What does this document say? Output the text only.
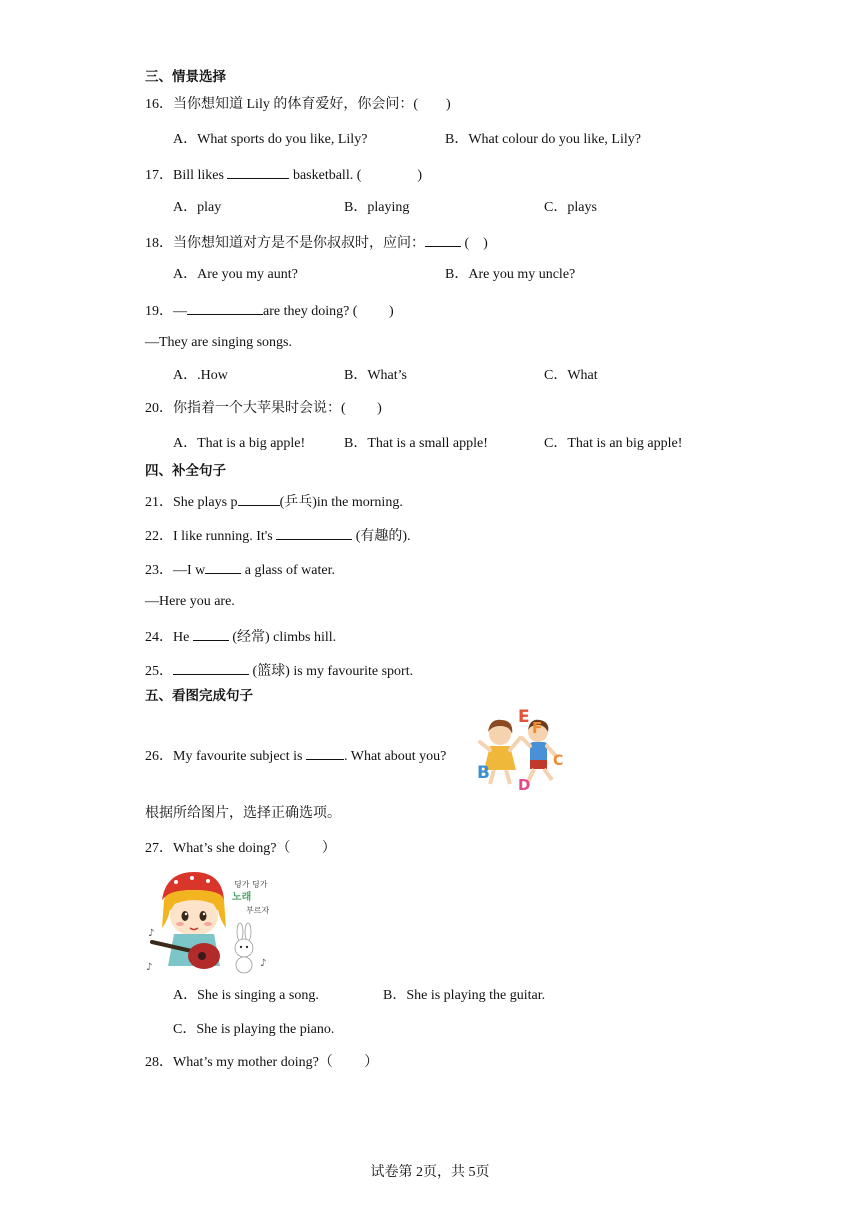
三、情景选择
16．当你想知道 Lily 的体育爱好，你会问：(　　)
A．What sports do you like, Lily?	B．What colour do you like, Lily?
17．Bill likes	basketball. (　　　　)
A．play	B．playing	C．plays
18．当你想知道对方是不是你叔叔时，应问：	(　)
A．Are you my aunt?	B．Are you my uncle?
19．—	are they doing? (　　 )
—They are singing songs.
A．.How	B．What’s	C．What
20．你指着一个大苹果时会说：(　　 )
A．That is a big apple!	B．That is a small apple!	C．That is an big apple!
四、补全句子
21．She plays p	(乒乓)in the morning.
22．I like running. It's	(有趣的).
23．—I w	a glass of water.
—Here you are.
24．He	(经常) climbs hill.
25．	(篮球) is my favourite sport.
五、看图完成句子
26．My favourite subject is	. What about you?
E
F
C
B
D
根据所给图片，选择正确选项。
27．What’s she doing?（　　 ）
♪
♪	♪
딩가 딩가
노래
부르자
A．She is singing a song.	B．She is playing the guitar.
C．She is playing the piano.
28．What’s my mother doing?（　　 ）
试卷第 2页，共 5页
